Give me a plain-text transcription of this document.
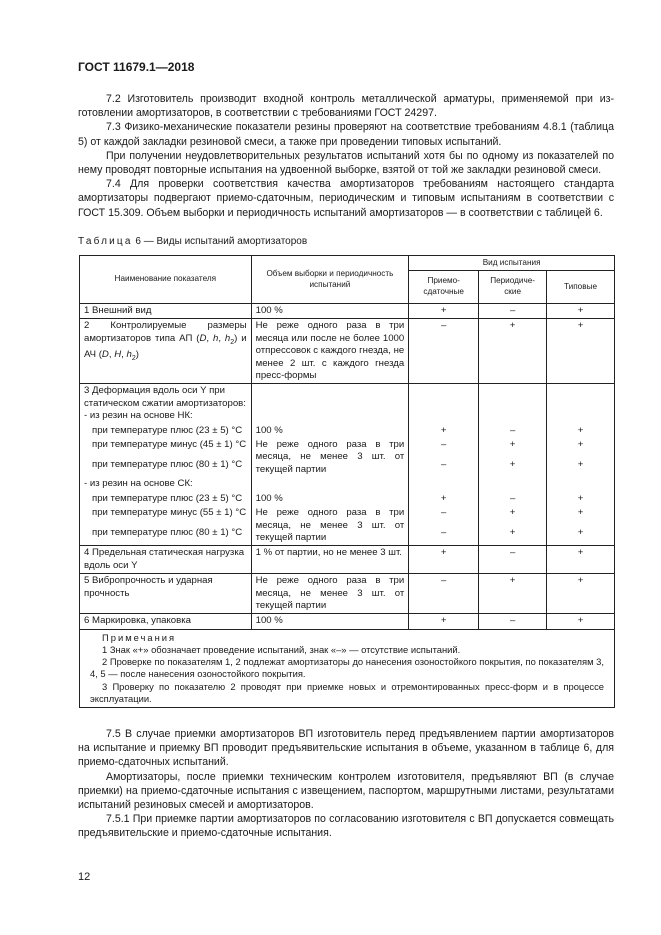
ГОСТ 11679.1—2018

7.2 Изготовитель производит входной контроль металлической арматуры, применяемой при из-готовлении амортизаторов, в соответствии с требованиями ГОСТ 24297.

7.3 Физико-механические показатели резины проверяют на соответствие требованиям 4.8.1 (таблица 5) от каждой закладки резиновой смеси, а также при проведении типовых испытаний.

При получении неудовлетворительных результатов испытаний хотя бы по одному из показателей по нему проводят повторные испытания на удвоенной выборке, взятой от той же закладки резиновой смеси.

7.4 Для проверки соответствия качества амортизаторов требованиям настоящего стандарта амортизаторы подвергают приемо-сдаточным, периодическим и типовым испытаниям в соответствии с ГОСТ 15.309. Объем выборки и периодичность испытаний амортизаторов — в соответствии с таблицей 6.

Таблица 6 — Виды испытаний амортизаторов
Наименование показателя	Объем выборки и периодичность испытаний	Вид испытания		
		Приемо-сдаточные	Периодиче-ские	Типовые
1 Внешний вид	100 %	+	–	+
2 Контролируемые размеры амортизаторов типа АП (D, h, $h_2$) и АЧ (D, H, $h_2$)	Не реже одного раза в три месяца или после не более 1000 отпрессовок с каждого гнезда, не менее 2 шт. с каждого гнезда пресс-формы	–	+	+
3 Деформация вдоль оси Y при статическом сжатии амортизаторов:
- из резин на основе НК:				
при температуре плюс (23 ± 5) °С	100 %	+	–	+
при температуре минус (45 ± 1) °С	Не реже одного раза в три месяца, не менее 3 шт. от текущей партии	–	+	+
при температуре плюс (80 ± 1) °С		–	+	+
- из резин на основе СК:				
при температуре плюс (23 ± 5) °С	100 %	+	–	+
при температуре минус (55 ± 1) °С	Не реже одного раза в три месяца, не менее 3 шт. от текущей партии	–	+	+
при температуре плюс (80 ± 1) °С		–	+	+
4 Предельная статическая нагрузка вдоль оси Y	1 % от партии, но не менее 3 шт.	+	–	+
5 Вибропрочность и ударная прочность	Не реже одного раза в три месяца, не менее 3 шт. от текущей партии	–	+	+
6 Маркировка, упаковка	100 %	+	–	+

Примечания
1 Знак «+» обозначает проведение испытаний, знак «–» — отсутствие испытаний.
2 Проверке по показателям 1, 2 подлежат амортизаторы до нанесения озоностойкого покрытия, по показателям 3, 4, 5 — после нанесения озоностойкого покрытия.
3 Проверку по показателю 2 проводят при приемке новых и отремонтированных пресс-форм и в процессе эксплуатации.				

7.5 В случае приемки амортизаторов ВП изготовитель перед предъявлением партии амортизаторов на испытание и приемку ВП проводит предъявительские испытания в объеме, указанном в таблице 6, для приемо-сдаточных испытаний.

Амортизаторы, после приемки техническим контролем изготовителя, предъявляют ВП (в случае приемки) на приемо-сдаточные испытания с извещением, паспортом, маршрутными листами, результатами испытаний резиновых смесей и амортизаторов.

7.5.1 При приемке партии амортизаторов по согласованию изготовителя с ВП допускается совмещать предъявительские и приемо-сдаточные испытания.

12
